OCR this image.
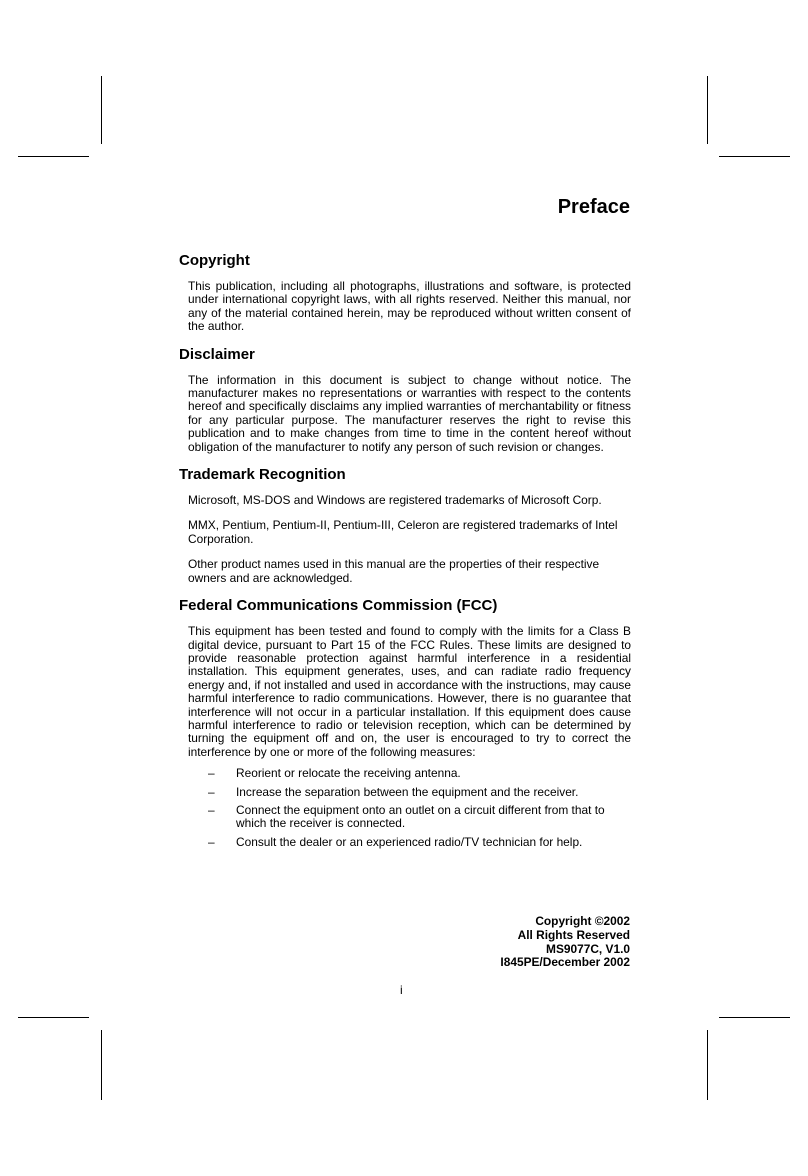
Preface
Copyright

This publication, including all photographs, illustrations and software, is protected under international copyright laws, with all rights reserved. Neither this manual, nor any of the material contained herein, may be reproduced without written consent of the author.

Disclaimer

The information in this document is subject to change without notice. The manufacturer makes no representations or warranties with respect to the contents hereof and specifically disclaims any implied warranties of merchantability or fitness for any particular purpose. The manufacturer reserves the right to revise this publication and to make changes from time to time in the content hereof without obligation of the manufacturer to notify any person of such revision or changes.

Trademark Recognition

Microsoft, MS-DOS and Windows are registered trademarks of Microsoft Corp.

MMX, Pentium, Pentium-II, Pentium-III, Celeron are registered trademarks of Intel Corporation.

Other product names used in this manual are the properties of their respective owners and are acknowledged.

Federal Communications Commission (FCC)

This equipment has been tested and found to comply with the limits for a Class B digital device, pursuant to Part 15 of the FCC Rules. These limits are designed to provide reasonable protection against harmful interference in a residential installation. This equipment generates, uses, and can radiate radio frequency energy and, if not installed and used in accordance with the instructions, may cause harmful interference to radio communications. However, there is no guarantee that interference will not occur in a particular installation. If this equipment does cause harmful interference to radio or television reception, which can be determined by turning the equipment off and on, the user is encouraged to try to correct the interference by one or more of the following measures:

–	Reorient or relocate the receiving antenna.
–	Increase the separation between the equipment and the receiver.
–	Connect the equipment onto an outlet on a circuit different from that to which the receiver is connected.
–	Consult the dealer or an experienced radio/TV technician for help.
Copyright ©2002
All Rights Reserved
MS9077C, V1.0
I845PE/December 2002
i
